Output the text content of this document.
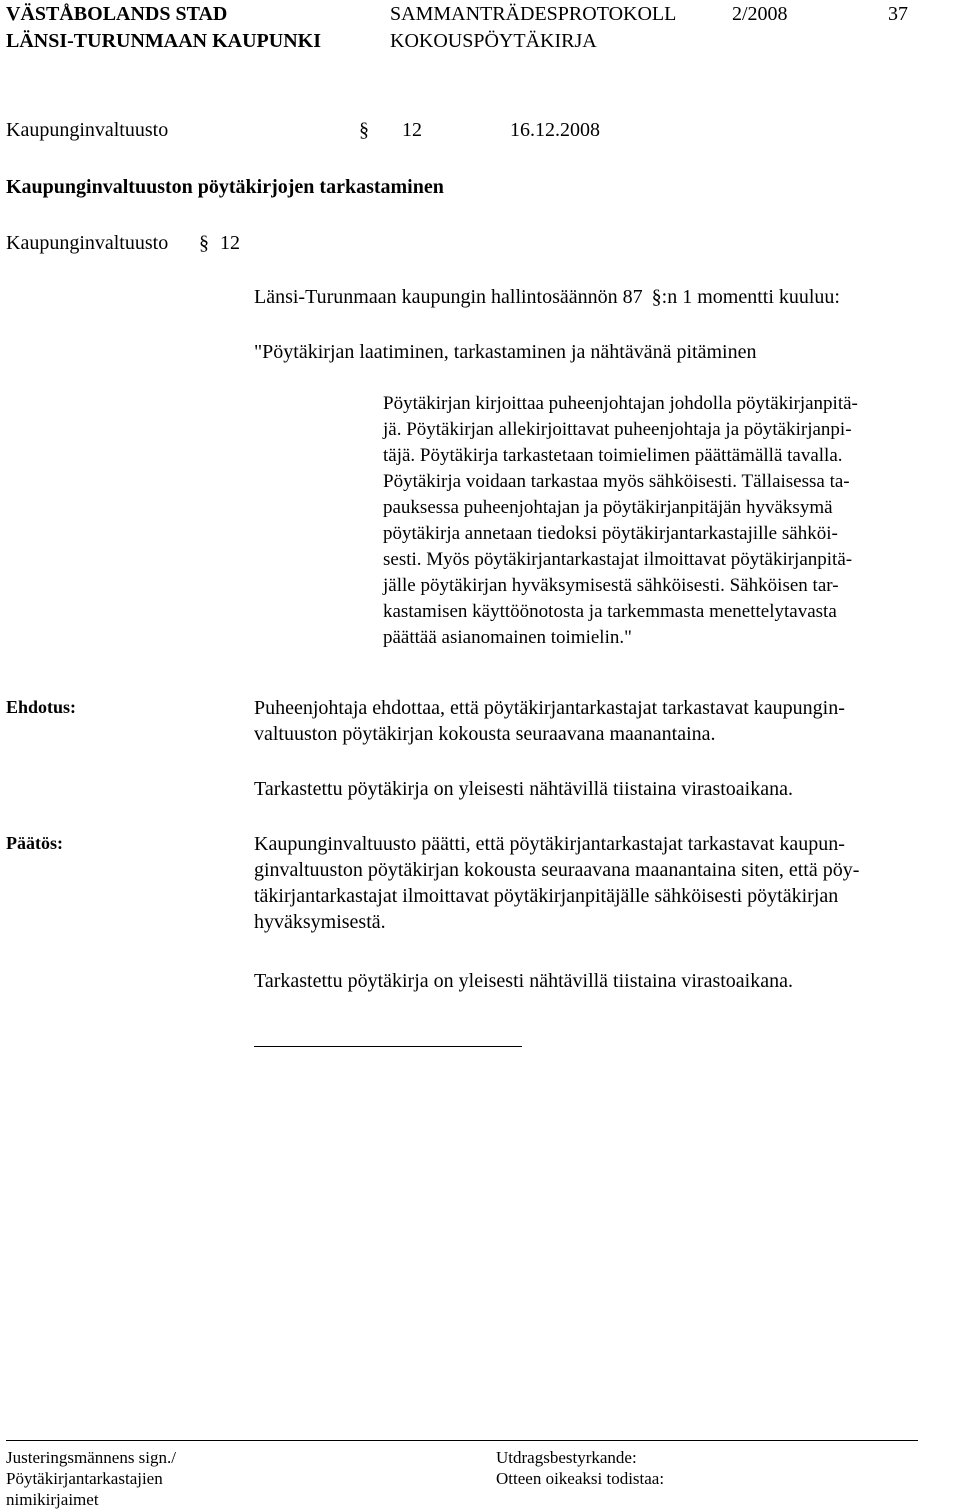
VÄSTÅBOLANDS STAD
LÄNSI-TURUNMAAN KAUPUNKI
SAMMANTRÄDESPROTOKOLL
KOKOUSPÖYTÄKIRJA
2/2008	37
Kaupunginvaltuusto	§ 12	16.12.2008
Kaupunginvaltuuston pöytäkirjojen tarkastaminen
Kaupunginvaltuusto § 12
Länsi-Turunmaan kaupungin hallintosäännön 87 §:n 1 momentti kuuluu:
"Pöytäkirjan laatiminen, tarkastaminen ja nähtävänä pitäminen
Pöytäkirjan kirjoittaa puheenjohtajan johdolla pöytäkirjanpitä-
jä. Pöytäkirjan allekirjoittavat puheenjohtaja ja pöytäkirjanpi-
täjä. Pöytäkirja tarkastetaan toimielimen päättämällä tavalla.
Pöytäkirja voidaan tarkastaa myös sähköisesti. Tällaisessa ta-
pauksessa puheenjohtajan ja pöytäkirjanpitäjän hyväksymä
pöytäkirja annetaan tiedoksi pöytäkirjantarkastajille sähköi-
sesti. Myös pöytäkirjantarkastajat ilmoittavat pöytäkirjanpitä-
jälle pöytäkirjan hyväksymisestä sähköisesti. Sähköisen tar-
kastamisen käyttöönotosta ja tarkemmasta menettelytavasta
päättää asianomainen toimielin."
Ehdotus:	Puheenjohtaja ehdottaa, että pöytäkirjantarkastajat tarkastavat kaupungin-
valtuuston pöytäkirjan kokousta seuraavana maanantaina.
Tarkastettu pöytäkirja on yleisesti nähtävillä tiistaina virastoaikana.
Päätös:	Kaupunginvaltuusto päätti, että pöytäkirjantarkastajat tarkastavat kaupun-
ginvaltuuston pöytäkirjan kokousta seuraavana maanantaina siten, että pöy-
täkirjantarkastajat ilmoittavat pöytäkirjanpitäjälle sähköisesti pöytäkirjan
hyväksymisestä.
Tarkastettu pöytäkirja on yleisesti nähtävillä tiistaina virastoaikana.
Justeringsmännens sign./
Pöytäkirjantarkastajien
nimikirjaimet
Utdragsbestyrkande:
Otteen oikeaksi todistaa:
